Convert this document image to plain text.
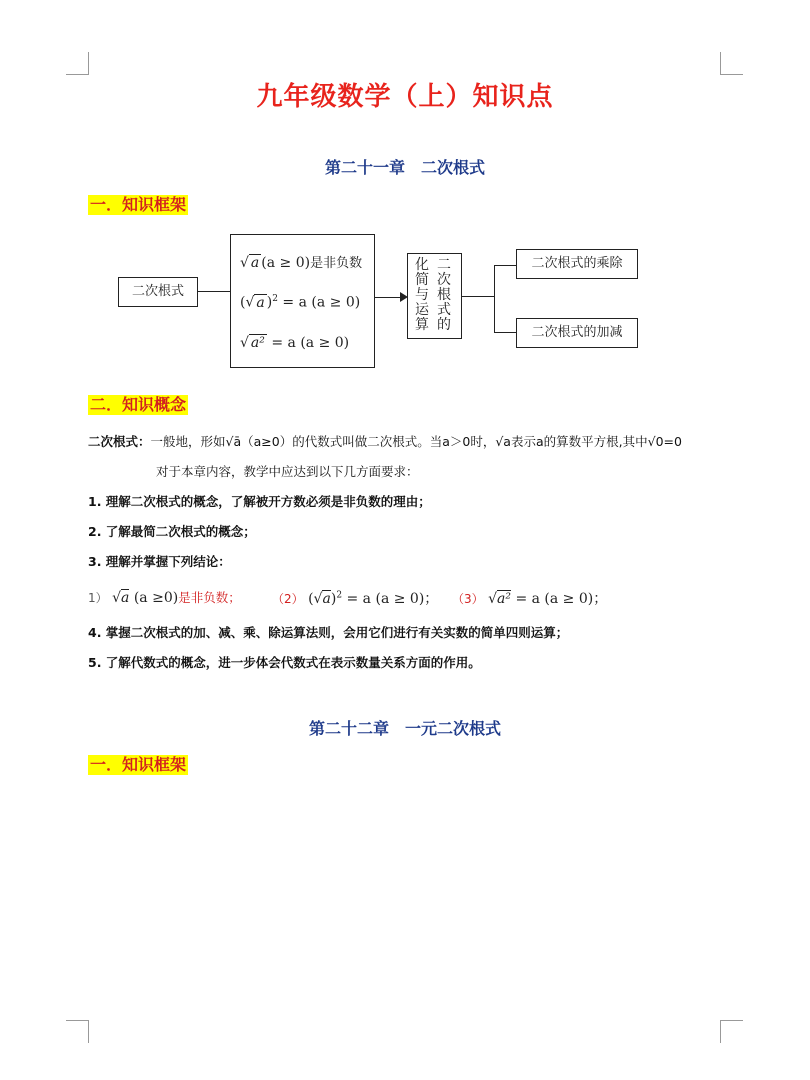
九年级数学（上）知识点
第二十一章　二次根式
一．知识框架
二次根式
√ a (a ≥ 0)是非负数
(√ a )$^2$ = a (a ≥ 0)
√ a² = a (a ≥ 0)
二次根式的
化简与运算
二次根式的乘除
二次根式的加减
二．知识概念
二次根式：一般地，形如√ā（a≥0）的代数式叫做二次根式。当a＞0时，√a表示a的算数平方根,其中√0=0
对于本章内容，教学中应达到以下几方面要求：
1. 理解二次根式的概念，了解被开方数必须是非负数的理由；
2. 了解最简二次根式的概念；
3. 理解并掌握下列结论：
1） √a (a ≥0)是非负数；	（2） $(√a)^2 = a$ (a ≥ 0)； （3） √a² = a (a ≥ 0)；
4. 掌握二次根式的加、减、乘、除运算法则，会用它们进行有关实数的简单四则运算；
5. 了解代数式的概念，进一步体会代数式在表示数量关系方面的作用。
第二十二章　一元二次根式
一．知识框架
